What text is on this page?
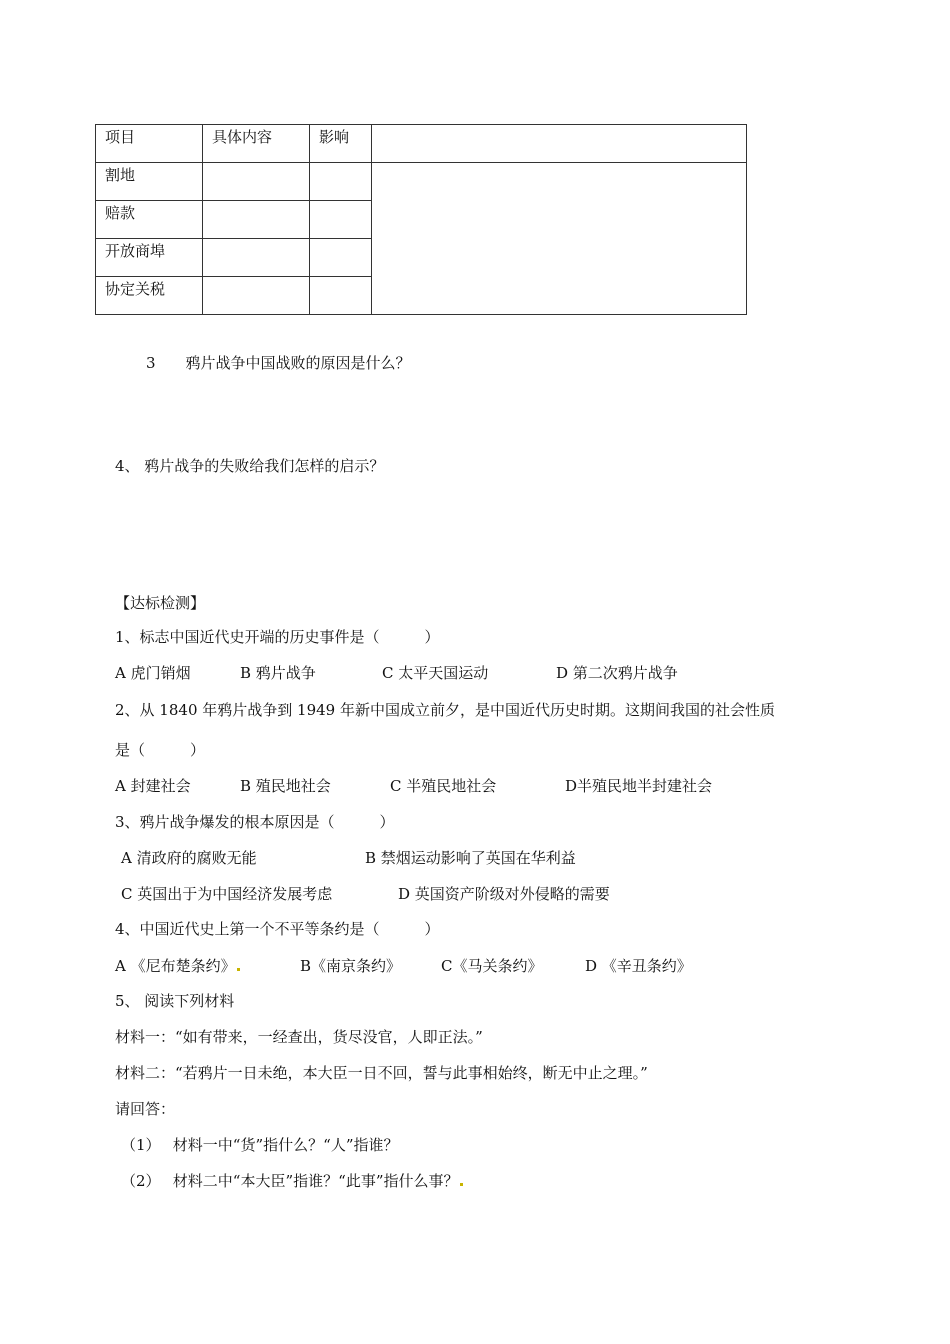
项目	具体内容	影响	
割地			
赔款			
开放商埠			
协定关税			
3　　鸦片战争中国战败的原因是什么？
4、 鸦片战争的失败给我们怎样的启示？
【达标检测】
1、标志中国近代史开端的历史事件是（　　　）
A 虎门销烟	B 鸦片战争	C 太平天国运动	D 第二次鸦片战争
2、从 1840 年鸦片战争到 1949 年新中国成立前夕，是中国近代历史时期。这期间我国的社会性质
是（　　　）
A 封建社会	B 殖民地社会	C 半殖民地社会	D半殖民地半封建社会
3、鸦片战争爆发的根本原因是（　　　）
A 清政府的腐败无能	B 禁烟运动影响了英国在华利益
C 英国出于为中国经济发展考虑	D 英国资产阶级对外侵略的需要
4、中国近代史上第一个不平等条约是（　　　）
A 《尼布楚条约》	B《南京条约》	C《马关条约》	D 《辛丑条约》
5、 阅读下列材料
材料一：“如有带来，一经查出，货尽没官，人即正法。”
材料二：“若鸦片一日未绝，本大臣一日不回，誓与此事相始终，断无中止之理。”
请回答：
（1）　 材料一中“货”指什么？“人”指谁？
（2）　 材料二中“本大臣”指谁？“此事”指什么事？
